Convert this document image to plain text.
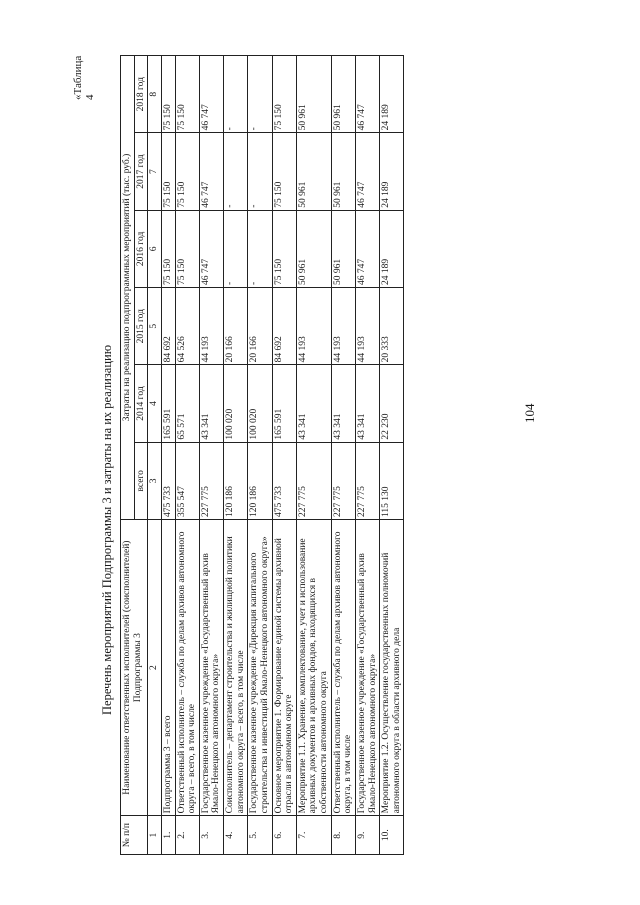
104
«Таблица 4
Перечень мероприятий Подпрограммы 3 и затраты на их реализацию
№ п/п	Наименование ответственных исполнителей (соисполнителей) Подпрограммы 3	Затраты на реализацию подпрограммных мероприятий (тыс. руб.)					
		всего	2014 год	2015 год	2016 год	2017 год	2018 год
1	2	3	4	5	6	7	8
1.	Подпрограмма 3 – всего	475 733	165 591	84 692	75 150	75 150	75 150
2.	Ответственный исполнитель – служба по делам архивов автономного округа – всего, в том числе	355 547	65 571	64 526	75 150	75 150	75 150
3.	Государственное казенное учреждение «Государственный архив Ямало-Ненецкого автономного округа»	227 775	43 341	44 193	46 747	46 747	46 747
4.	Соисполнитель – департамент строительства и жилищной политики автономного округа – всего, в том числе	120 186	100 020	20 166	-	-	-
5.	Государственное казенное учреждение «Дирекция капитального строительства и инвестиций Ямало-Ненецкого автономного округа»	120 186	100 020	20 166	-	-	-
6.	Основное мероприятие 1. Формирование единой системы архивной отрасли в автономном округе	475 733	165 591	84 692	75 150	75 150	75 150
7.	Мероприятие 1.1. Хранение, комплектование, учет и использование архивных документов и архивных фондов, находящихся в собственности автономного округа	227 775	43 341	44 193	50 961	50 961	50 961
8.	Ответственный исполнитель – служба по делам архивов автономного округа, в том числе	227 775	43 341	44 193	50 961	50 961	50 961
9.	Государственное казенное учреждение «Государственный архив Ямало-Ненецкого автономного округа»	227 775	43 341	44 193	46 747	46 747	46 747
10.	Мероприятие 1.2. Осуществление государственных полномочий автономного округа в области архивного дела	115 130	22 230	20 333	24 189	24 189	24 189
